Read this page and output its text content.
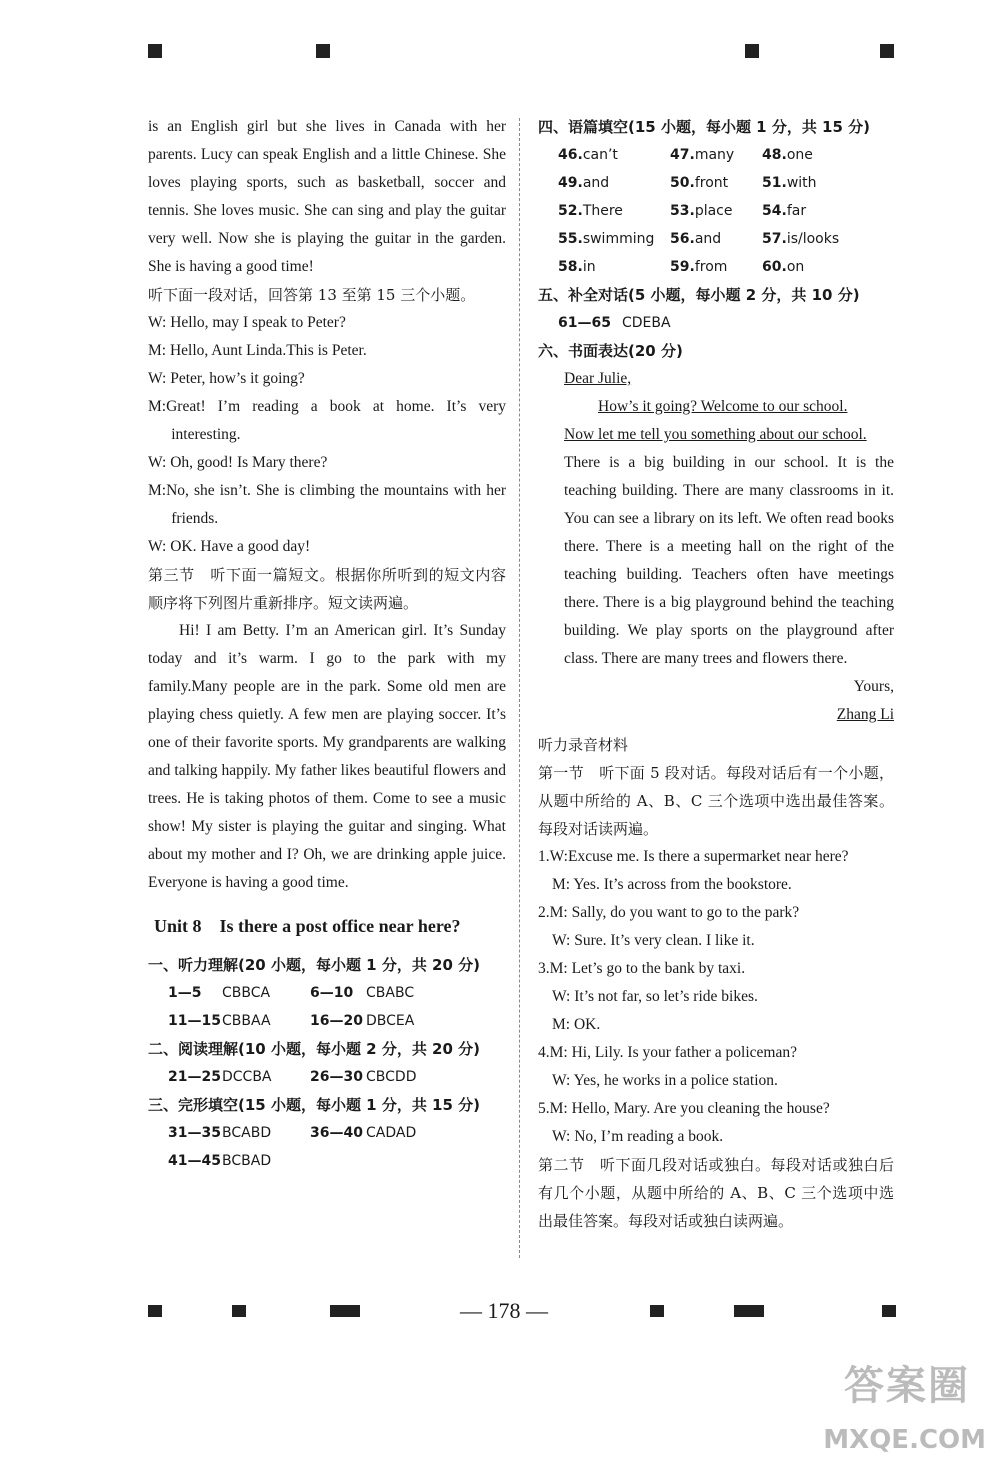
is an English girl but she lives in Canada with her parents. Lucy can speak English and a little Chinese. She loves playing sports, such as basketball, soccer and tennis. She loves music. She can sing and play the guitar very well. Now she is playing the guitar in the garden. She is having a good time!

听下面一段对话，回答第 13 至第 15 三个小题。

W: Hello, may I speak to Peter?

M: Hello, Aunt Linda.This is Peter.

W: Peter, how’s it going?

M:Great! I’m reading a book at home. It’s very interesting.

W: Oh, good! Is Mary there?

M:No, she isn’t. She is climbing the mountains with her friends.

W: OK. Have a good day!

第三节　听下面一篇短文。根据你所听到的短文内容顺序将下列图片重新排序。短文读两遍。

Hi! I am Betty. I’m an American girl. It’s Sunday today and it’s warm. I go to the park with my family.Many people are in the park. Some old men are playing chess quietly. A few men are playing soccer. It’s one of their favorite sports. My grandparents are walking and talking happily. My father likes beautiful flowers and trees. He is taking photos of them. Come to see a music show! My sister is playing the guitar and singing. What about my mother and I? Oh, we are drinking apple juice. Everyone is having a good time.

Unit 8 Is there a post office near here?

一、听力理解(20 小题，每小题 1 分，共 20 分)

1—5	CBBCA	6—10 CBABC
11—15 CBBAA	16—20 DBCEA

二、阅读理解(10 小题，每小题 2 分，共 20 分)

21—25 DCCBA	26—30 CBCDD

三、完形填空(15 小题，每小题 1 分，共 15 分)

31—35 BCABD	36—40 CADAD
41—45 BCBAD

四、语篇填空(15 小题，每小题 1 分，共 15 分)

46.can’t	47.many	48.one
49.and	50.front	51.with
52.There	53.place	54.far
55.swimming	56.and	57.is/looks
58.in	59.from	60.on

五、补全对话(5 小题，每小题 2 分，共 10 分)

61—65 CDEBA

六、书面表达(20 分)

Dear Julie,

How’s it going? Welcome to our school.

Now let me tell you something about our school.

There is a big building in our school. It is the teaching building. There are many classrooms in it. You can see a library on its left. We often read books there. There is a meeting hall on the right of the teaching building. Teachers often have meetings there. There is a big playground behind the teaching building. We play sports on the playground after class. There are many trees and flowers there.

Yours,

Zhang Li

听力录音材料

第一节　听下面 5 段对话。每段对话后有一个小题，从题中所给的 A、B、C 三个选项中选出最佳答案。每段对话读两遍。

1.W:Excuse me. Is there a supermarket near here?

M: Yes. It’s across from the bookstore.

2.M: Sally, do you want to go to the park?

W: Sure. It’s very clean. I like it.

3.M: Let’s go to the bank by taxi.

W: It’s not far, so let’s ride bikes.

M: OK.

4.M: Hi, Lily. Is your father a policeman?

W: Yes, he works in a police station.

5.M: Hello, Mary. Are you cleaning the house?

W: No, I’m reading a book.

第二节　听下面几段对话或独白。每段对话或独白后有几个小题，从题中所给的 A、B、C 三个选项中选出最佳答案。每段对话或独白读两遍。

— 178 —
答案圈
MXQE.COM
